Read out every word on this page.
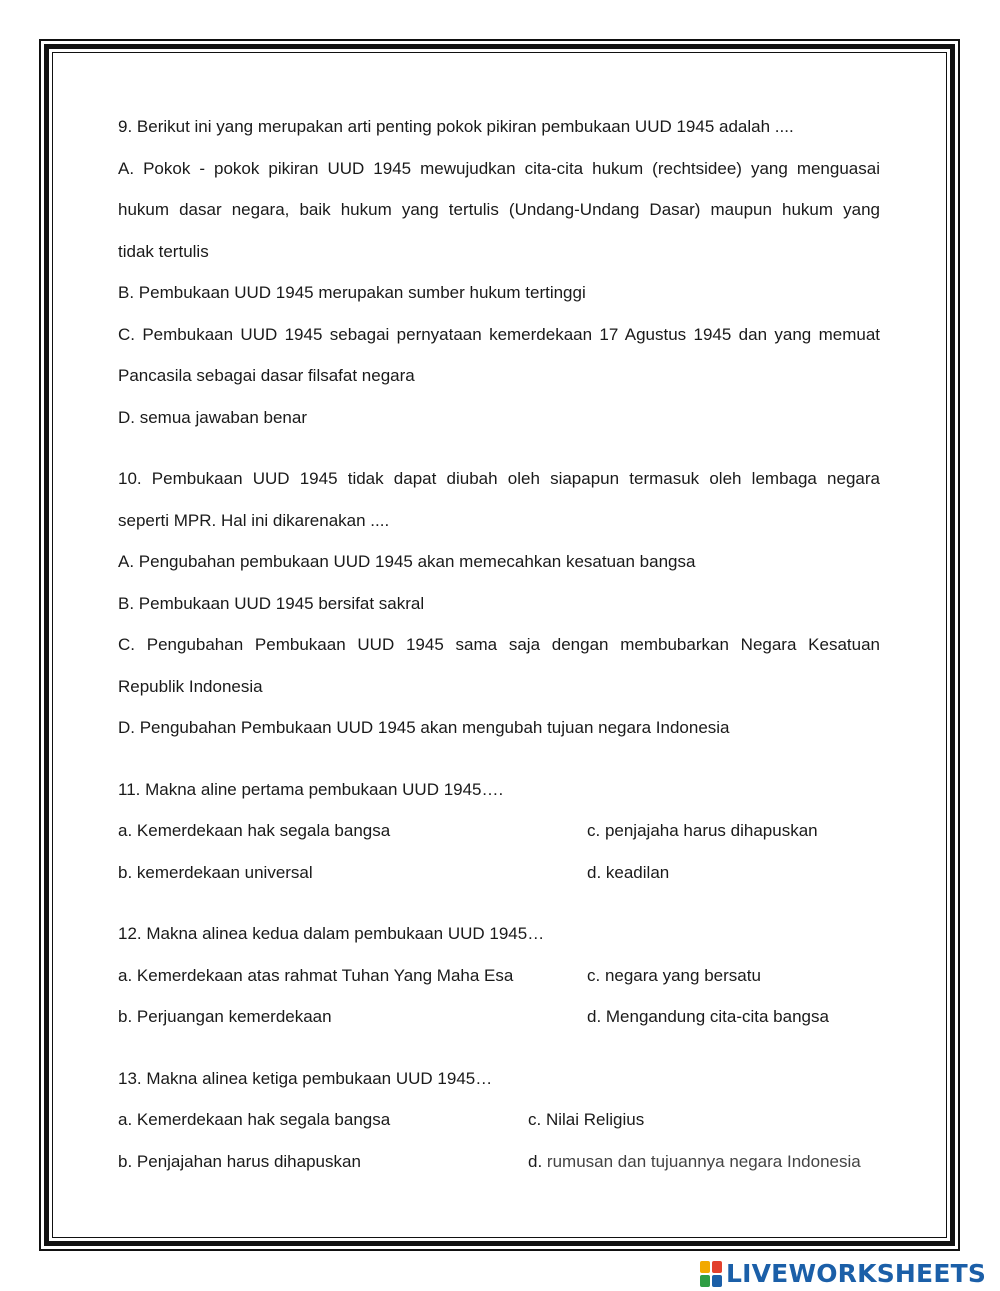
9. Berikut ini yang merupakan arti penting pokok pikiran pembukaan UUD 1945 adalah ....
A. Pokok - pokok pikiran UUD 1945 mewujudkan cita-cita hukum (rechtsidee) yang menguasai
hukum dasar negara, baik hukum yang tertulis (Undang-Undang Dasar) maupun hukum yang
tidak tertulis
B. Pembukaan UUD 1945 merupakan sumber hukum tertinggi
C. Pembukaan UUD 1945 sebagai pernyataan kemerdekaan 17 Agustus 1945 dan yang memuat
Pancasila sebagai dasar filsafat negara
D. semua jawaban benar
10. Pembukaan UUD 1945 tidak dapat diubah oleh siapapun termasuk oleh lembaga negara
seperti MPR. Hal ini dikarenakan ....
A. Pengubahan pembukaan UUD 1945 akan memecahkan kesatuan bangsa
B. Pembukaan UUD 1945 bersifat sakral
C. Pengubahan Pembukaan UUD 1945 sama saja dengan membubarkan Negara Kesatuan
Republik Indonesia
D. Pengubahan Pembukaan UUD 1945 akan mengubah tujuan negara Indonesia
11. Makna aline pertama pembukaan UUD 1945….
a. Kemerdekaan hak segala bangsa	c. penjajaha harus dihapuskan
b. kemerdekaan universal	d. keadilan
12. Makna alinea kedua dalam pembukaan UUD 1945…
a. Kemerdekaan atas rahmat Tuhan Yang Maha Esa	c. negara yang bersatu
b. Perjuangan kemerdekaan	d. Mengandung cita-cita bangsa
13. Makna alinea ketiga pembukaan UUD 1945…
a. Kemerdekaan hak segala bangsa	c. Nilai Religius
b. Penjajahan harus dihapuskan	d. rumusan dan tujuannya negara Indonesia
LIVEWORKSHEETS
